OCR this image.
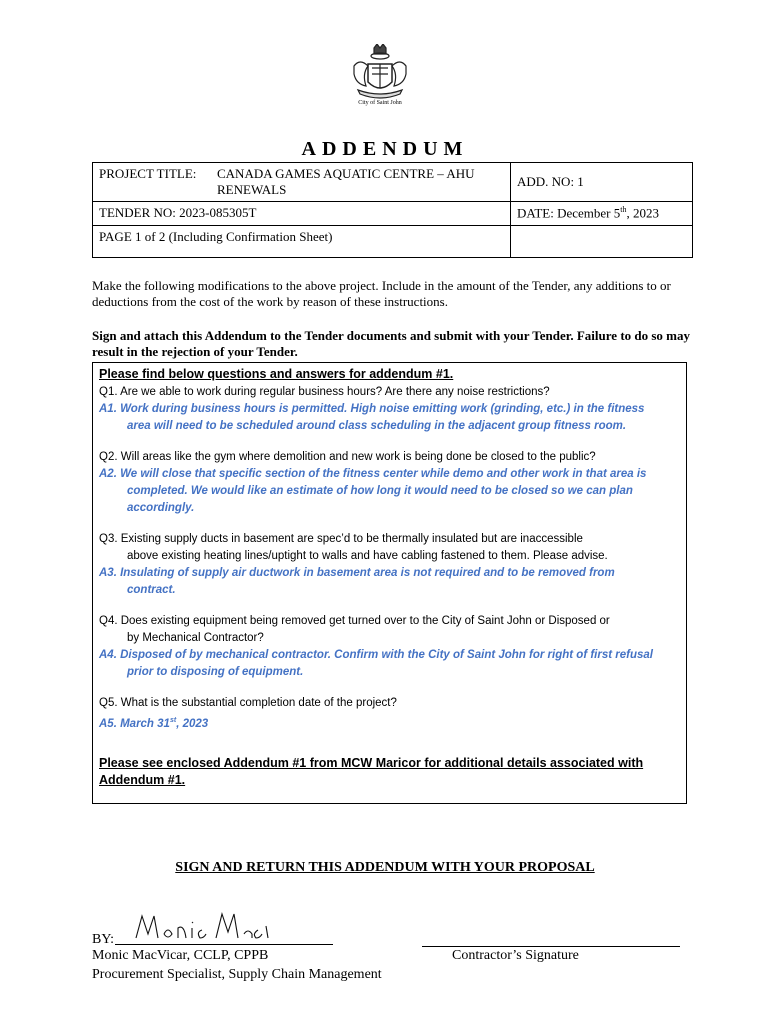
City of Saint John
ADDENDUM
PROJECT TITLE: CANADA GAMES AQUATIC CENTRE – AHU RENEWALS	ADD. NO: 1
TENDER NO: 2023-085305T	DATE: December 5th, 2023
PAGE 1 of 2 (Including Confirmation Sheet)	
Make the following modifications to the above project. Include in the amount of the Tender, any additions to or deductions from the cost of the work by reason of these instructions.
Sign and attach this Addendum to the Tender documents and submit with your Tender. Failure to do so may result in the rejection of your Tender.
Please find below questions and answers for addendum #1.
Q1. Are we able to work during regular business hours? Are there any noise restrictions?
A1. Work during business hours is permitted. High noise emitting work (grinding, etc.) in the fitness
area will need to be scheduled around class scheduling in the adjacent group fitness room.
Q2. Will areas like the gym where demolition and new work is being done be closed to the public?
A2. We will close that specific section of the fitness center while demo and other work in that area is
completed. We would like an estimate of how long it would need to be closed so we can plan
accordingly.
Q3. Existing supply ducts in basement are spec’d to be thermally insulated but are inaccessible
above existing heating lines/uptight to walls and have cabling fastened to them. Please advise.
A3. Insulating of supply air ductwork in basement area is not required and to be removed from
contract.
Q4. Does existing equipment being removed get turned over to the City of Saint John or Disposed or
by Mechanical Contractor?
A4. Disposed of by mechanical contractor. Confirm with the City of Saint John for right of first refusal
prior to disposing of equipment.
Q5. What is the substantial completion date of the project?
A5. March 31st, 2023
Please see enclosed Addendum #1 from MCW Maricor for additional details associated with
Addendum #1.
SIGN AND RETURN THIS ADDENDUM WITH YOUR PROPOSAL
BY:
Monic MacVicar, CCLP, CPPB
Procurement Specialist, Supply Chain Management
Contractor’s Signature
